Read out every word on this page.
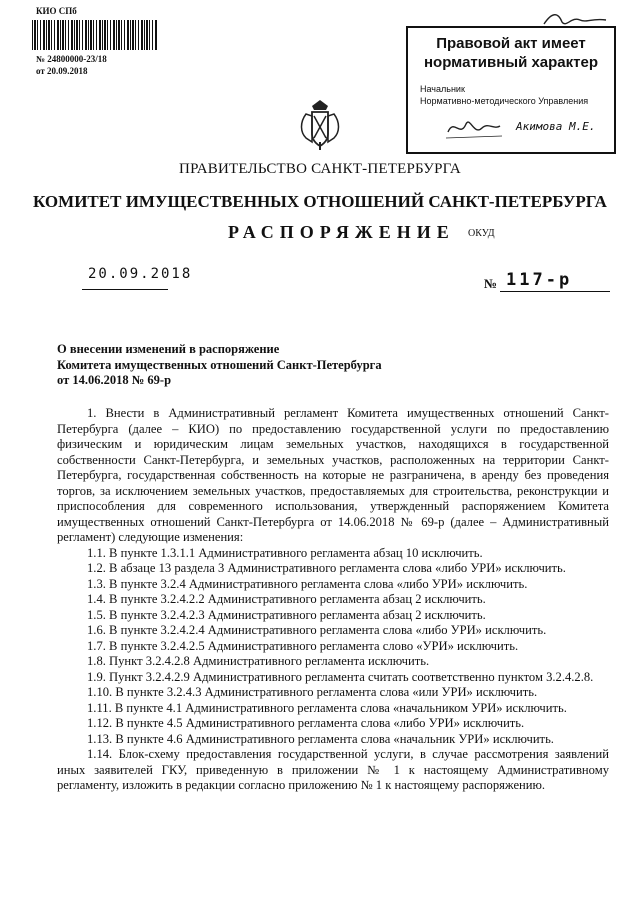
КИО СПб
№ 24800000-23/18
от 20.09.2018
Правовой акт имеет
нормативный характер
Начальник
Нормативно-методического Управления
Акимова М.Е.
ПРАВИТЕЛЬСТВО САНКТ-ПЕТЕРБУРГА
КОМИТЕТ ИМУЩЕСТВЕННЫХ ОТНОШЕНИЙ САНКТ-ПЕТЕРБУРГА
РАСПОРЯЖЕНИЕ ОКУД
20.09.2018
№ 117-р
О внесении изменений в распоряжение
Комитета имущественных отношений Санкт-Петербурга
от 14.06.2018 № 69-р

1. Внести в Административный регламент Комитета имущественных отношений Санкт-Петербурга (далее – КИО) по предоставлению государственной услуги по предоставлению физическим и юридическим лицам земельных участков, находящихся в государственной собственности Санкт-Петербурга, и земельных участков, расположенных на территории Санкт-Петербурга, государственная собственность на которые не разграничена, в аренду без проведения торгов, за исключением земельных участков, предоставляемых для строительства, реконструкции и приспособления для современного использования, утвержденный распоряжением Комитета имущественных отношений Санкт-Петербурга от 14.06.2018 № 69-р (далее – Административный регламент) следующие изменения:

1.1. В пункте 1.3.1.1 Административного регламента абзац 10 исключить.

1.2. В абзаце 13 раздела 3 Административного регламента слова «либо УРИ» исключить.

1.3. В пункте 3.2.4 Административного регламента слова «либо УРИ» исключить.

1.4. В пункте 3.2.4.2.2 Административного регламента абзац 2 исключить.

1.5. В пункте 3.2.4.2.3 Административного регламента абзац 2 исключить.

1.6. В пункте 3.2.4.2.4 Административного регламента слова «либо УРИ» исключить.

1.7. В пункте 3.2.4.2.5 Административного регламента слово «УРИ» исключить.

1.8. Пункт 3.2.4.2.8 Административного регламента исключить.

1.9. Пункт 3.2.4.2.9 Административного регламента считать соответственно пунктом 3.2.4.2.8.

1.10. В пункте 3.2.4.3 Административного регламента слова «или УРИ» исключить.

1.11. В пункте 4.1 Административного регламента слова «начальником УРИ» исключить.

1.12. В пункте 4.5 Административного регламента слова «либо УРИ» исключить.

1.13. В пункте 4.6 Административного регламента слова «начальник УРИ» исключить.

1.14. Блок-схему предоставления государственной услуги, в случае рассмотрения заявлений иных заявителей ГКУ, приведенную в приложении № 1 к настоящему Административному регламенту, изложить в редакции согласно приложению № 1 к настоящему распоряжению.
